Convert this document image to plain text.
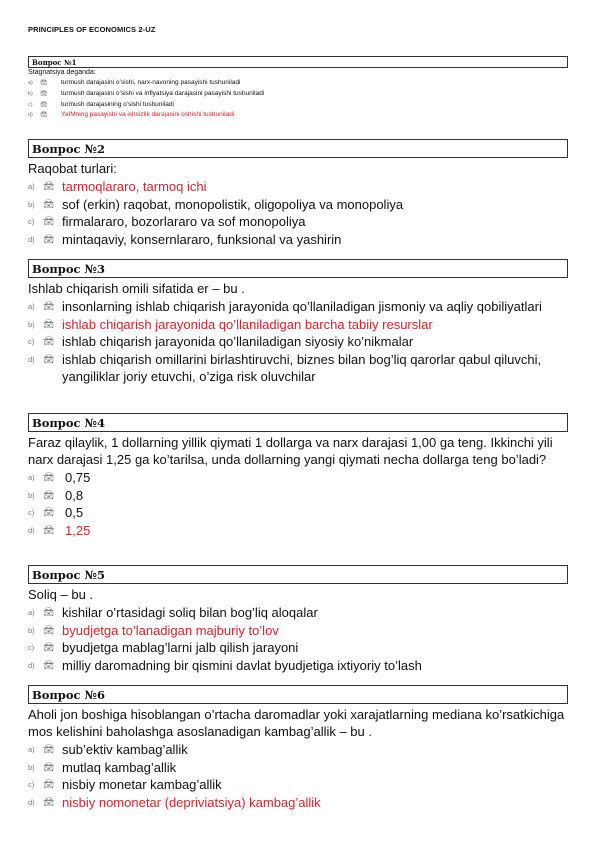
PRINCIPLES OF ECONOMICS 2-UZ
Вопрос №1

Stagnatsiya deganda:

a)	🚘︎	turmush darajasini o’sishi, narx-navoning pasayishi tushuniladi
b)	🚘︎	turmush darajasini o’sishi va inflyatsiya darajasini pasayishi tushuniladi
c)	🚘︎	turmush darajasining o’sishi tushuniladi
d)	🚘︎	YaIMning pasayishi va ishsizlik darajasini oshishi tushuniladi
Вопрос №2

Raqobat turlari:

a) 🚘︎ tarmoqlararo, tarmoq ichi
b) 🚘︎ sof (erkin) raqobat, monopolistik, oligopoliya va monopoliya
c) 🚘︎ firmalararo, bozorlararo va sof monopoliya
d) 🚘︎ mintaqaviy, konsernlararo, funksional va yashirin
Вопрос №3

Ishlab chiqarish omili sifatida er – bu .

a) 🚘︎ insonlarning ishlab chiqarish jarayonida qo’llaniladigan jismoniy va aqliy qobiliyatlari
b) 🚘︎ ishlab chiqarish jarayonida qo’llaniladigan barcha tabiiy resurslar
c) 🚘︎ ishlab chiqarish jarayonida qo’llaniladigan siyosiy ko’nikmalar
d) 🚘︎ ishlab chiqarish omillarini birlashtiruvchi, biznes bilan bog’liq qarorlar qabul qiluvchi, yangiliklar joriy etuvchi, o’ziga risk oluvchilar
Вопрос №4

Faraz qilaylik, 1 dollarning yillik qiymati 1 dollarga va narx darajasi 1,00 ga teng. Ikkinchi yili narx darajasi 1,25 ga ko’tarilsa, unda dollarning yangi qiymati necha dollarga teng bo’ladi?

a) 🚘︎ 0,75
b) 🚘︎ 0,8
c) 🚘︎ 0,5
d) 🚘︎ 1,25
Вопрос №5

Soliq – bu .

a) 🚘︎ kishilar o’rtasidagi soliq bilan bog’liq aloqalar
b) 🚘︎ byudjetga to’lanadigan majburiy to’lov
c) 🚘︎ byudjetga mablag’larni jalb qilish jarayoni
d) 🚘︎ milliy daromadning bir qismini davlat byudjetiga ixtiyoriy to’lash
Вопрос №6

Aholi jon boshiga hisoblangan o’rtacha daromadlar yoki xarajatlarning mediana ko’rsatkichiga mos kelishini baholashga asoslanadigan kambag’allik – bu .

a) 🚘︎ sub’ektiv kambag’allik
b) 🚘︎ mutlaq kambag’allik
c) 🚘︎ nisbiy monetar kambag’allik
d) 🚘︎ nisbiy nomonetar (depriviatsiya) kambag’allik
